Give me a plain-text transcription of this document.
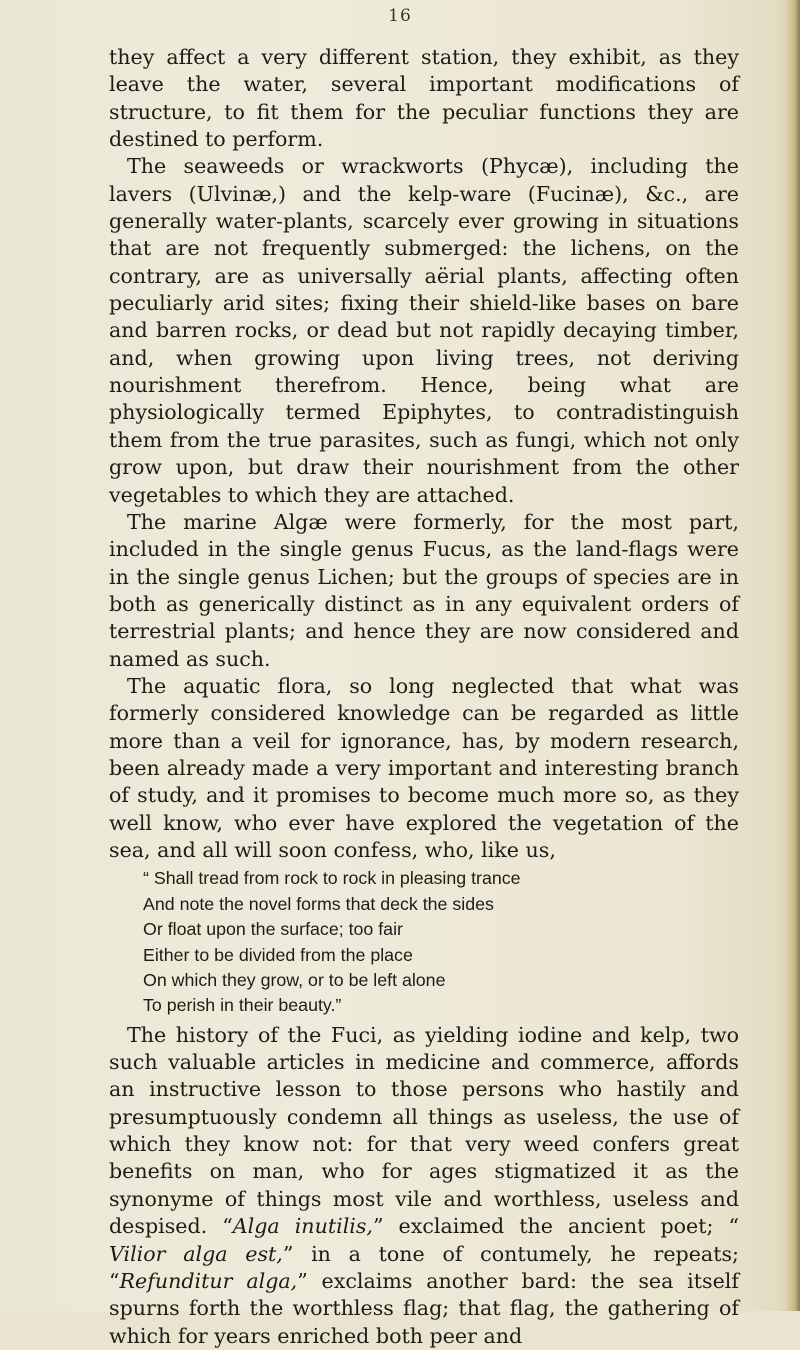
16

they affect a very different station, they exhibit, as they leave the water, several important modifications of structure, to fit them for the peculiar functions they are destined to perform.

The seaweeds or wrackworts (Phycæ), including the lavers (Ulvinæ,) and the kelp-ware (Fucinæ), &c., are generally water-plants, scarcely ever growing in situations that are not frequently submerged: the lichens, on the contrary, are as universally aërial plants, affecting often peculiarly arid sites; fixing their shield-like bases on bare and barren rocks, or dead but not rapidly decaying timber, and, when growing upon living trees, not deriving nourishment therefrom. Hence, being what are physiologically termed Epiphytes, to contradistinguish them from the true parasites, such as fungi, which not only grow upon, but draw their nourishment from the other vegetables to which they are attached.

The marine Algæ were formerly, for the most part, included in the single genus Fucus, as the land-flags were in the single genus Lichen; but the groups of species are in both as generically distinct as in any equivalent orders of terrestrial plants; and hence they are now considered and named as such.

The aquatic flora, so long neglected that what was formerly considered knowledge can be regarded as little more than a veil for ignorance, has, by modern research, been already made a very important and interesting branch of study, and it promises to become much more so, as they well know, who ever have explored the vegetation of the sea, and all will soon confess, who, like us,

“ Shall tread from rock to rock in pleasing trance
And note the novel forms that deck the sides
Or float upon the surface; too fair
Either to be divided from the place
On which they grow, or to be left alone
To perish in their beauty.”

The history of the Fuci, as yielding iodine and kelp, two such valuable articles in medicine and commerce, affords an instructive lesson to those persons who hastily and presumptuously condemn all things as useless, the use of which they know not: for that very weed confers great benefits on man, who for ages stigmatized it as the synonyme of things most vile and worthless, useless and despised. “Alga inutilis,” exclaimed the ancient poet; “ Vilior alga est,” in a tone of contumely, he repeats; “Refunditur alga,” exclaims another bard: the sea itself spurns forth the worthless flag; that flag, the gathering of which for years enriched both peer and
